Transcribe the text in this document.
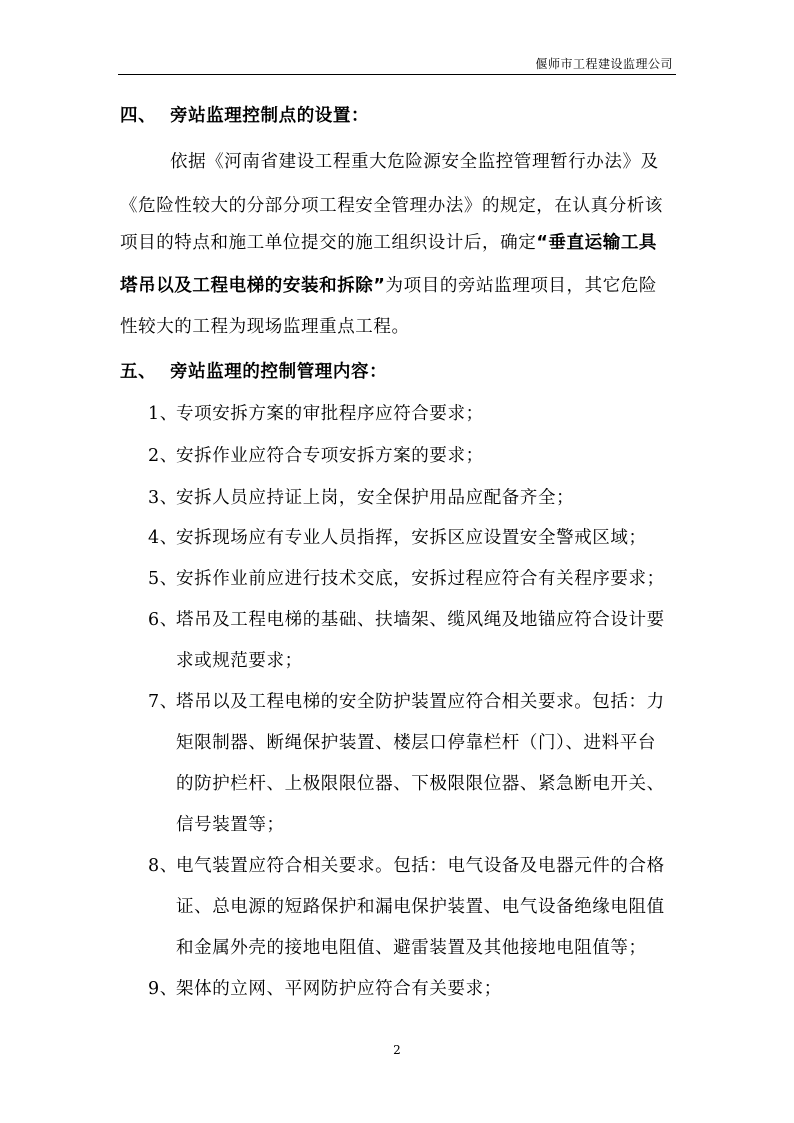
偃师市工程建设监理公司
四、 旁站监理控制点的设置：
依据《河南省建设工程重大危险源安全监控管理暂行办法》及
《危险性较大的分部分项工程安全管理办法》的规定，在认真分析该
项目的特点和施工单位提交的施工组织设计后，确定“垂直运输工具
塔吊以及工程电梯的安装和拆除”为项目的旁站监理项目，其它危险
性较大的工程为现场监理重点工程。
五、 旁站监理的控制管理内容：
1、专项安拆方案的审批程序应符合要求；
2、安拆作业应符合专项安拆方案的要求；
3、安拆人员应持证上岗，安全保护用品应配备齐全；
4、安拆现场应有专业人员指挥，安拆区应设置安全警戒区域；
5、安拆作业前应进行技术交底，安拆过程应符合有关程序要求；
6、塔吊及工程电梯的基础、扶墙架、缆风绳及地锚应符合设计要
求或规范要求；
7、塔吊以及工程电梯的安全防护装置应符合相关要求。包括：力
矩限制器、断绳保护装置、楼层口停靠栏杆（门）、进料平台
的防护栏杆、上极限限位器、下极限限位器、紧急断电开关、
信号装置等；
8、电气装置应符合相关要求。包括：电气设备及电器元件的合格
证、总电源的短路保护和漏电保护装置、电气设备绝缘电阻值
和金属外壳的接地电阻值、避雷装置及其他接地电阻值等；
9、架体的立网、平网防护应符合有关要求；
2
